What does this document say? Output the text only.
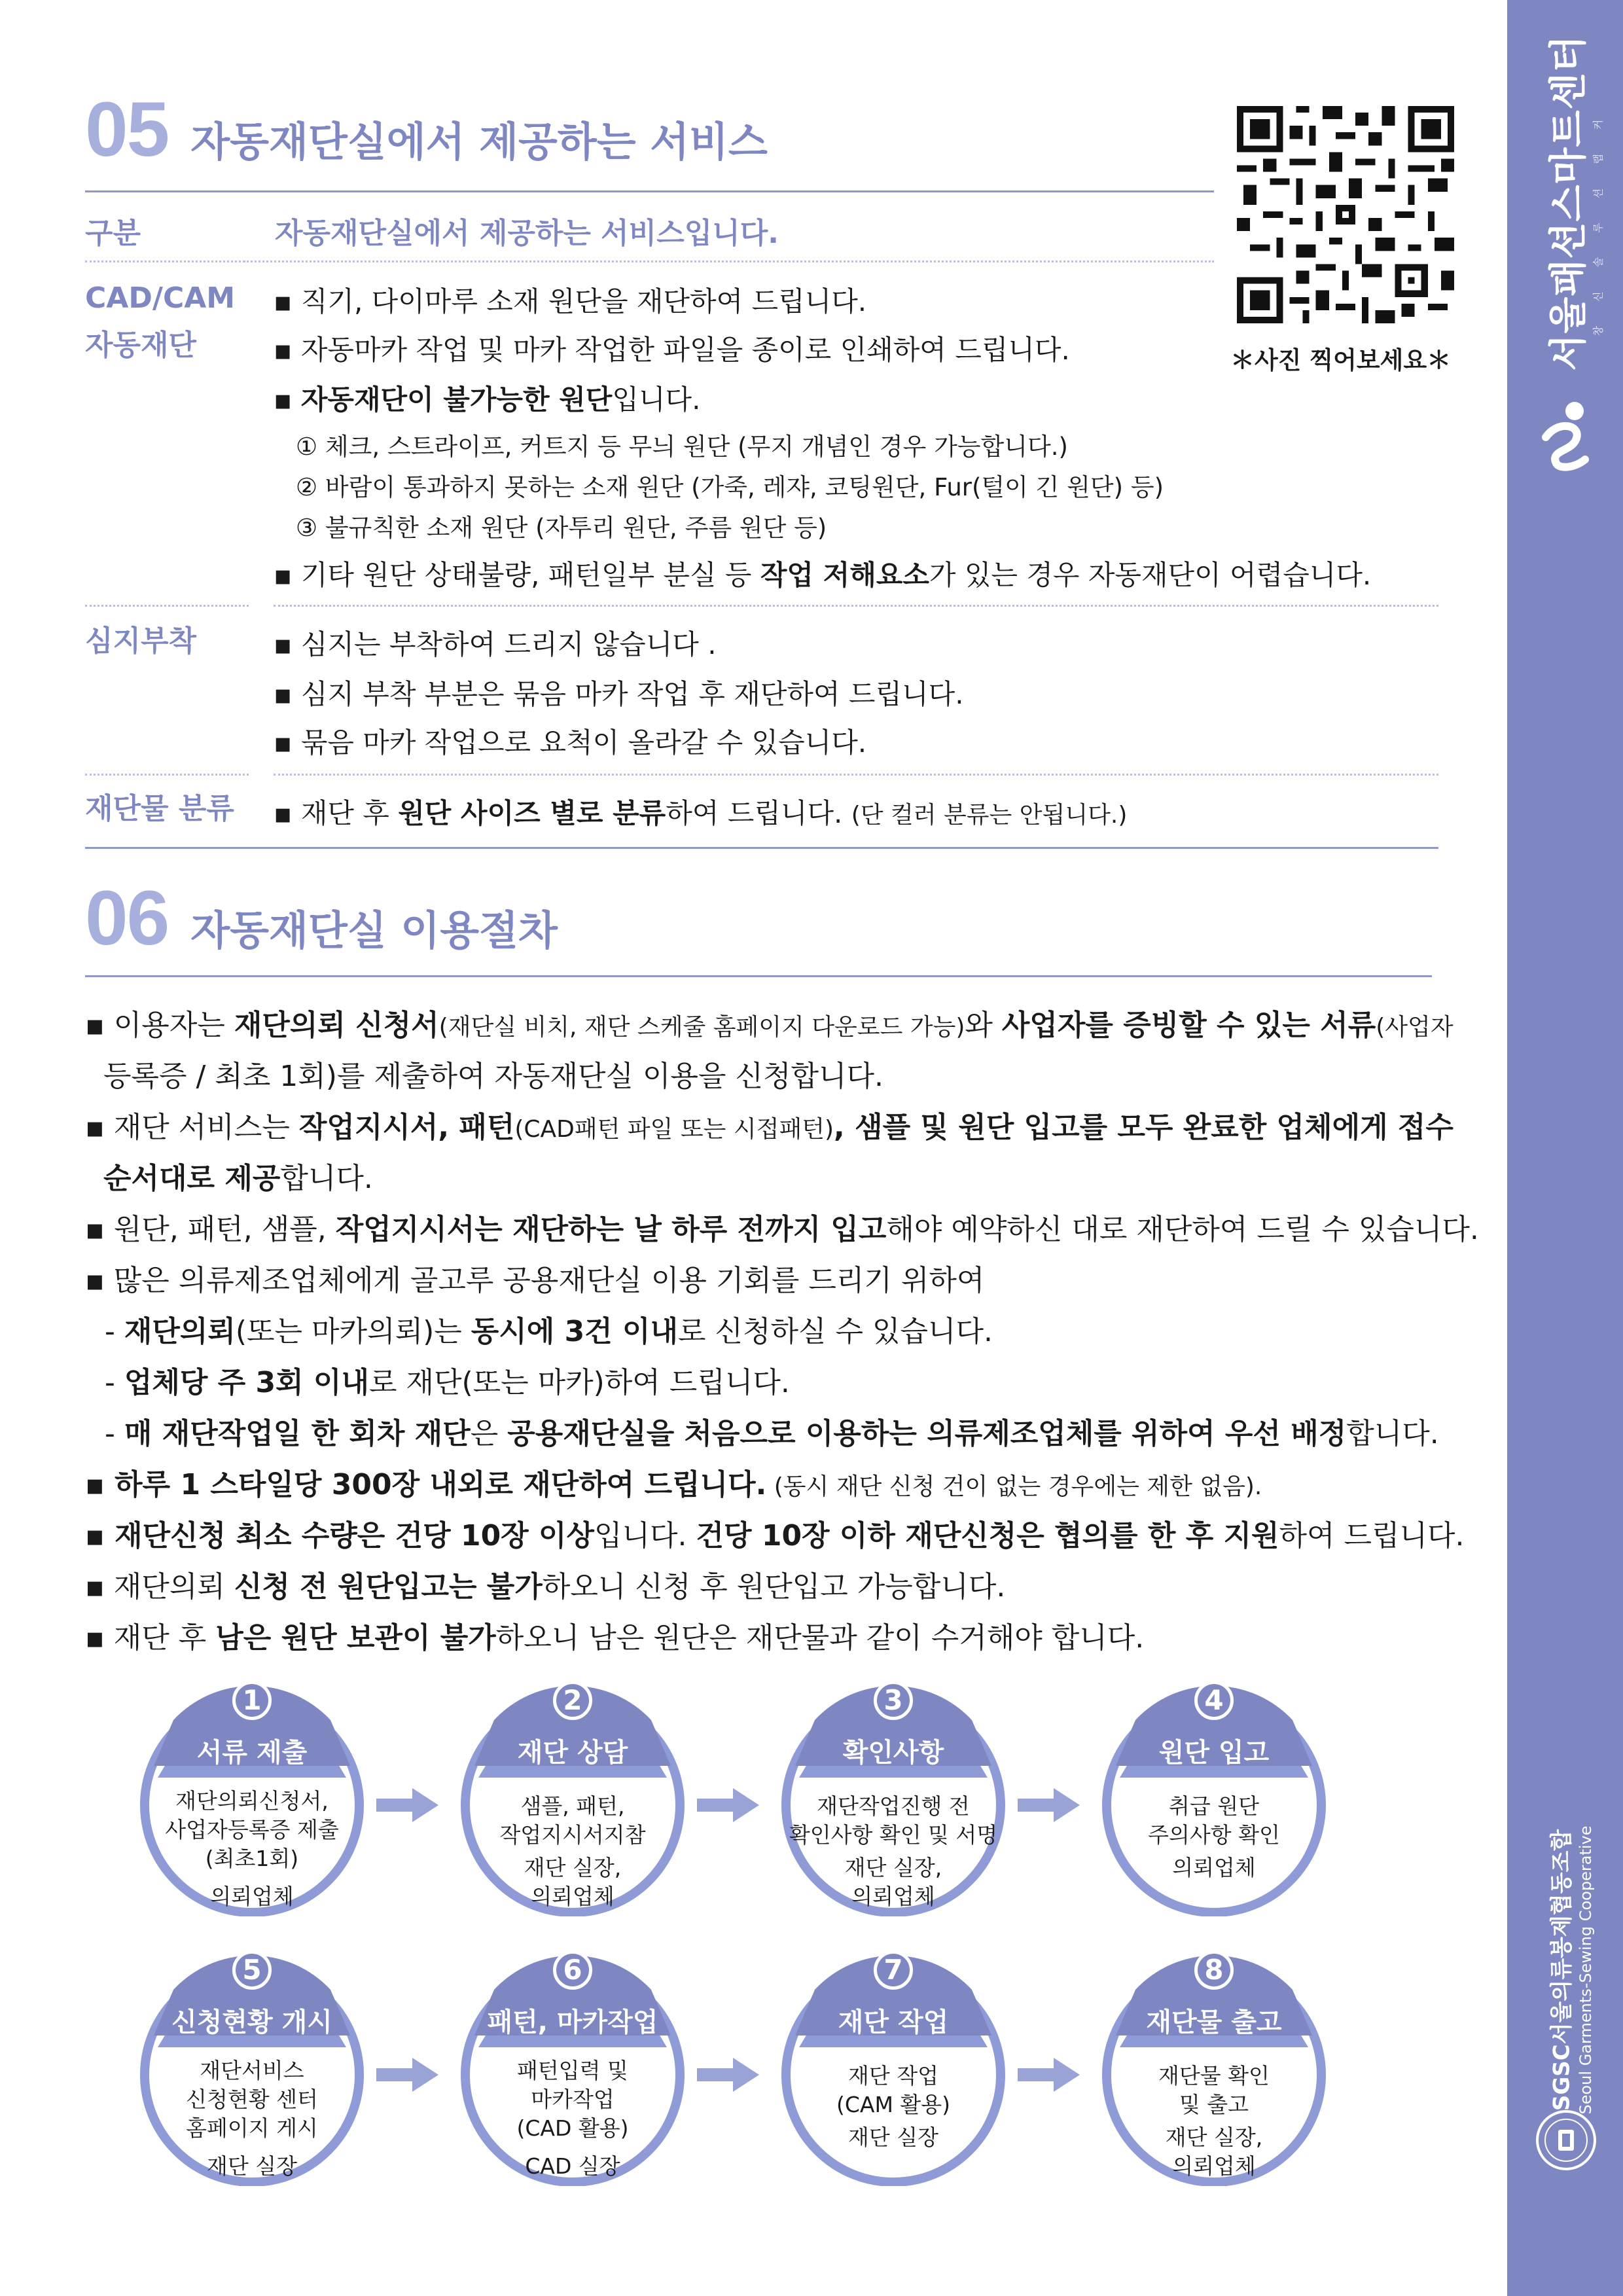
서울패션스마트센터 창 신 솔 루 션 랩 커
SGSC서울의류봉제협동조합 Seoul Garments-Sewing Cooperative
＊사진 찍어보세요＊
05 자동재단실에서 제공하는 서비스
구분	자동재단실에서 제공하는 서비스입니다.
CAD/CAM
자동재단
▪ 직기, 다이마루 소재 원단을 재단하여 드립니다.
▪ 자동마카 작업 및 마카 작업한 파일을 종이로 인쇄하여 드립니다.
▪ 자동재단이 불가능한 원단입니다.
① 체크, 스트라이프, 커트지 등 무늬 원단 (무지 개념인 경우 가능합니다.)
② 바람이 통과하지 못하는 소재 원단 (가죽, 레쟈, 코팅원단, Fur(털이 긴 원단) 등)
③ 불규칙한 소재 원단 (자투리 원단, 주름 원단 등)
▪ 기타 원단 상태불량, 패턴일부 분실 등 작업 저해요소가 있는 경우 자동재단이 어렵습니다.
심지부착	▪ 심지는 부착하여 드리지 않습니다 .
▪ 심지 부착 부분은 묶음 마카 작업 후 재단하여 드립니다.
▪ 묶음 마카 작업으로 요척이 올라갈 수 있습니다.
재단물 분류 ▪ 재단 후 원단 사이즈 별로 분류하여 드립니다. (단 컬러 분류는 안됩니다.)
06 자동재단실 이용절차
▪ 이용자는 재단의뢰 신청서(재단실 비치, 재단 스케줄 홈페이지 다운로드 가능)와 사업자를 증빙할 수 있는 서류(사업자
등록증 / 최초 1회)를 제출하여 자동재단실 이용을 신청합니다.
▪ 재단 서비스는 작업지시서, 패턴(CAD패턴 파일 또는 시접패턴), 샘플 및 원단 입고를 모두 완료한 업체에게 접수
순서대로 제공합니다.
▪ 원단, 패턴, 샘플, 작업지시서는 재단하는 날 하루 전까지 입고해야 예약하신 대로 재단하여 드릴 수 있습니다.
▪ 많은 의류제조업체에게 골고루 공용재단실 이용 기회를 드리기 위하여
- 재단의뢰(또는 마카의뢰)는 동시에 3건 이내로 신청하실 수 있습니다.
- 업체당 주 3회 이내로 재단(또는 마카)하여 드립니다.
- 매 재단작업일 한 회차 재단은 공용재단실을 처음으로 이용하는 의류제조업체를 위하여 우선 배정합니다.
▪ 하루 1 스타일당 300장 내외로 재단하여 드립니다. (동시 재단 신청 건이 없는 경우에는 제한 없음).
▪ 재단신청 최소 수량은 건당 10장 이상입니다. 건당 10장 이하 재단신청은 협의를 한 후 지원하여 드립니다.
▪ 재단의뢰 신청 전 원단입고는 불가하오니 신청 후 원단입고 가능합니다.
▪ 재단 후 남은 원단 보관이 불가하오니 남은 원단은 재단물과 같이 수거해야 합니다.
1
서류 제출
재단의뢰신청서,
사업자등록증 제출
(최초1회)
의뢰업체
2
재단 상담
샘플, 패턴,
작업지시서지참
재단 실장,
의뢰업체
3
확인사항
재단작업진행 전
확인사항 확인 및 서명
재단 실장,
의뢰업체
4
원단 입고
취급 원단
주의사항 확인
의뢰업체
5
신청현황 개시
재단서비스
신청현황 센터
홈페이지 게시
재단 실장
6
패턴, 마카작업
패턴입력 및
마카작업
(CAD 활용)
CAD 실장
7
재단 작업
재단 작업
(CAM 활용)
재단 실장
8
재단물 출고
재단물 확인
및 출고
재단 실장,
의뢰업체
